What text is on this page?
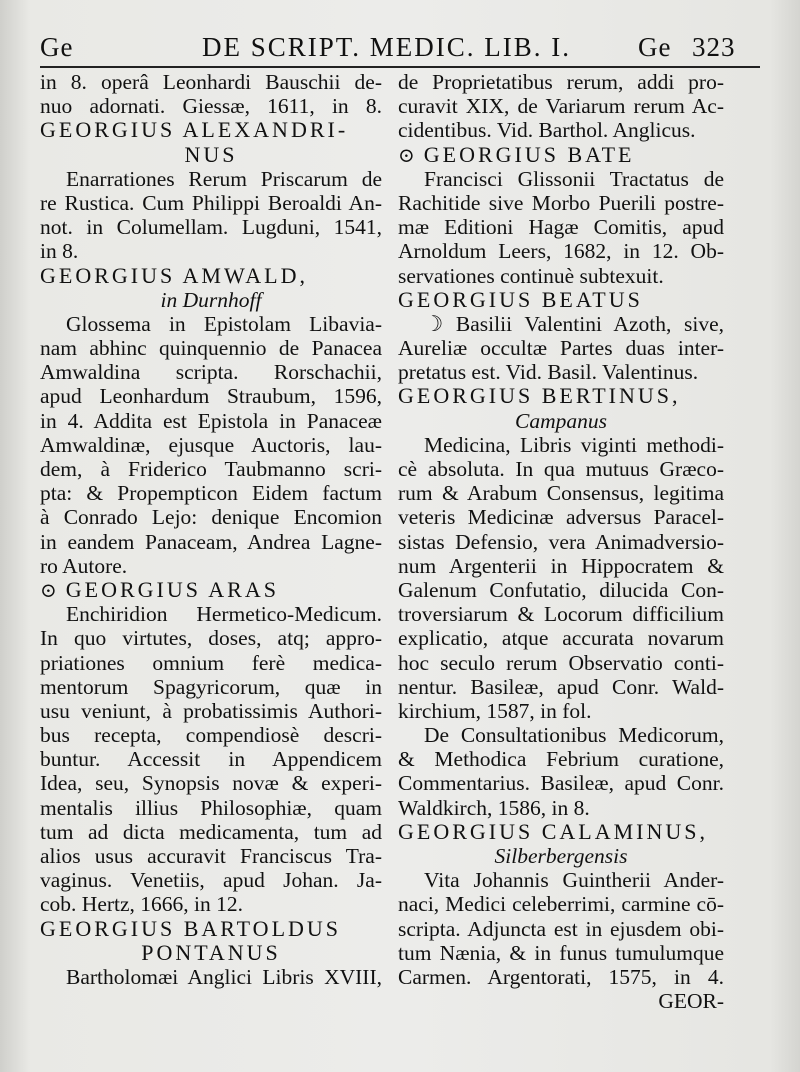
Ge	DE SCRIPT. MEDIC. LIB. I. Ge 323
in 8. operâ Leonhardi Bauschii de-
nuo adornati. Giessæ, 1611, in 8.
GEORGIUS ALEXANDRI-
NUS
Enarrationes Rerum Priscarum de
re Rustica. Cum Philippi Beroaldi An-
not. in Columellam. Lugduni, 1541,
in 8.
GEORGIUS AMWALD,
in Durnhoff
Glossema in Epistolam Libavia-
nam abhinc quinquennio de Panacea
Amwaldina scripta. Rorschachii,
apud Leonhardum Straubum, 1596,
in 4. Addita est Epistola in Panaceæ
Amwaldinæ, ejusque Auctoris, lau-
dem, à Friderico Taubmanno scri-
pta: & Propempticon Eidem factum
à Conrado Lejo: denique Encomion
in eandem Panaceam, Andrea Lagne-
ro Autore.
⊙ GEORGIUS ARAS
Enchiridion Hermetico-Medicum.
In quo virtutes, doses, atq; appro-
priationes omnium ferè medica-
mentorum Spagyricorum, quæ in
usu veniunt, à probatissimis Authori-
bus recepta, compendiosè descri-
buntur. Accessit in Appendicem
Idea, seu, Synopsis novæ & experi-
mentalis illius Philosophiæ, quam
tum ad dicta medicamenta, tum ad
alios usus accuravit Franciscus Tra-
vaginus. Venetiis, apud Johan. Ja-
cob. Hertz, 1666, in 12.
GEORGIUS BARTOLDUS
PONTANUS
Bartholomæi Anglici Libris XVIII,
de Proprietatibus rerum, addi pro-
curavit XIX, de Variarum rerum Ac-
cidentibus. Vid. Barthol. Anglicus.
⊙ GEORGIUS BATE
Francisci Glissonii Tractatus de
Rachitide sive Morbo Puerili postre-
mæ Editioni Hagæ Comitis, apud
Arnoldum Leers, 1682, in 12. Ob-
servationes continuè subtexuit.
GEORGIUS BEATUS
☽ Basilii Valentini Azoth, sive,
Aureliæ occultæ Partes duas inter-
pretatus est. Vid. Basil. Valentinus.
GEORGIUS BERTINUS,
Campanus
Medicina, Libris viginti methodi-
cè absoluta. In qua mutuus Græco-
rum & Arabum Consensus, legitima
veteris Medicinæ adversus Paracel-
sistas Defensio, vera Animadversio-
num Argenterii in Hippocratem &
Galenum Confutatio, dilucida Con-
troversiarum & Locorum difficilium
explicatio, atque accurata novarum
hoc seculo rerum Observatio conti-
nentur. Basileæ, apud Conr. Wald-
kirchium, 1587, in fol.
De Consultationibus Medicorum,
& Methodica Febrium curatione,
Commentarius. Basileæ, apud Conr.
Waldkirch, 1586, in 8.
GEORGIUS CALAMINUS,
Silberbergensis
Vita Johannis Guintherii Ander-
naci, Medici celeberrimi, carmine cō-
scripta. Adjuncta est in ejusdem obi-
tum Nænia, & in funus tumulumque
Carmen. Argentorati, 1575, in 4.
GEOR-
